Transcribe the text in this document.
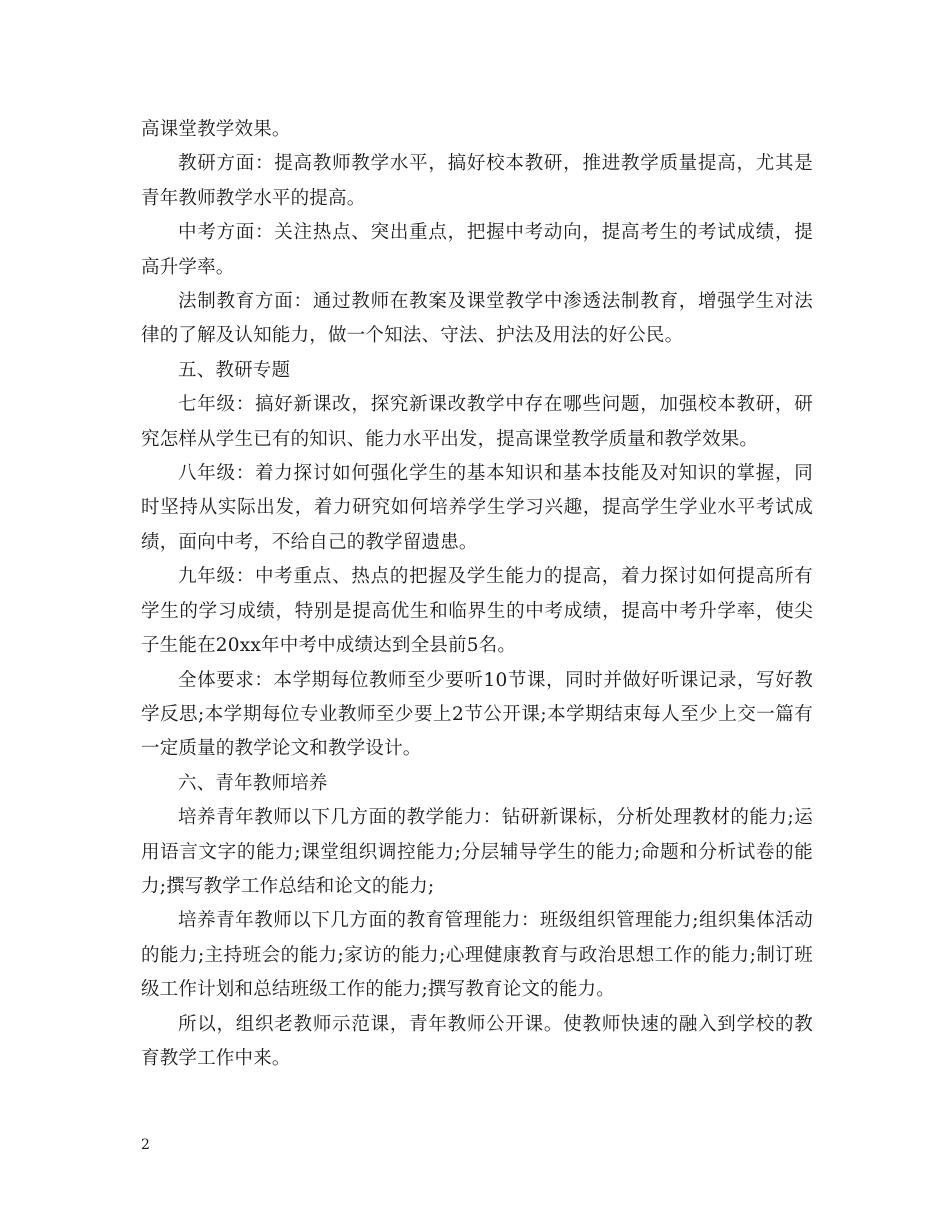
高课堂教学效果。

教研方面：提高教师教学水平，搞好校本教研，推进教学质量提高，尤其是青年教师教学水平的提高。

中考方面：关注热点、突出重点，把握中考动向，提高考生的考试成绩，提高升学率。

法制教育方面：通过教师在教案及课堂教学中渗透法制教育，增强学生对法律的了解及认知能力，做一个知法、守法、护法及用法的好公民。

五、教研专题

七年级：搞好新课改，探究新课改教学中存在哪些问题，加强校本教研，研究怎样从学生已有的知识、能力水平出发，提高课堂教学质量和教学效果。

八年级：着力探讨如何强化学生的基本知识和基本技能及对知识的掌握，同时坚持从实际出发，着力研究如何培养学生学习兴趣，提高学生学业水平考试成绩，面向中考，不给自己的教学留遗患。

九年级：中考重点、热点的把握及学生能力的提高，着力探讨如何提高所有学生的学习成绩，特别是提高优生和临界生的中考成绩，提高中考升学率，使尖子生能在20xx年中考中成绩达到全县前5名。

全体要求：本学期每位教师至少要听10节课，同时并做好听课记录，写好教学反思;本学期每位专业教师至少要上2节公开课;本学期结束每人至少上交一篇有一定质量的教学论文和教学设计。

六、青年教师培养

培养青年教师以下几方面的教学能力：钻研新课标，分析处理教材的能力;运用语言文字的能力;课堂组织调控能力;分层辅导学生的能力;命题和分析试卷的能力;撰写教学工作总结和论文的能力;

培养青年教师以下几方面的教育管理能力：班级组织管理能力;组织集体活动的能力;主持班会的能力;家访的能力;心理健康教育与政治思想工作的能力;制订班级工作计划和总结班级工作的能力;撰写教育论文的能力。

所以，组织老教师示范课，青年教师公开课。使教师快速的融入到学校的教育教学工作中来。

2
